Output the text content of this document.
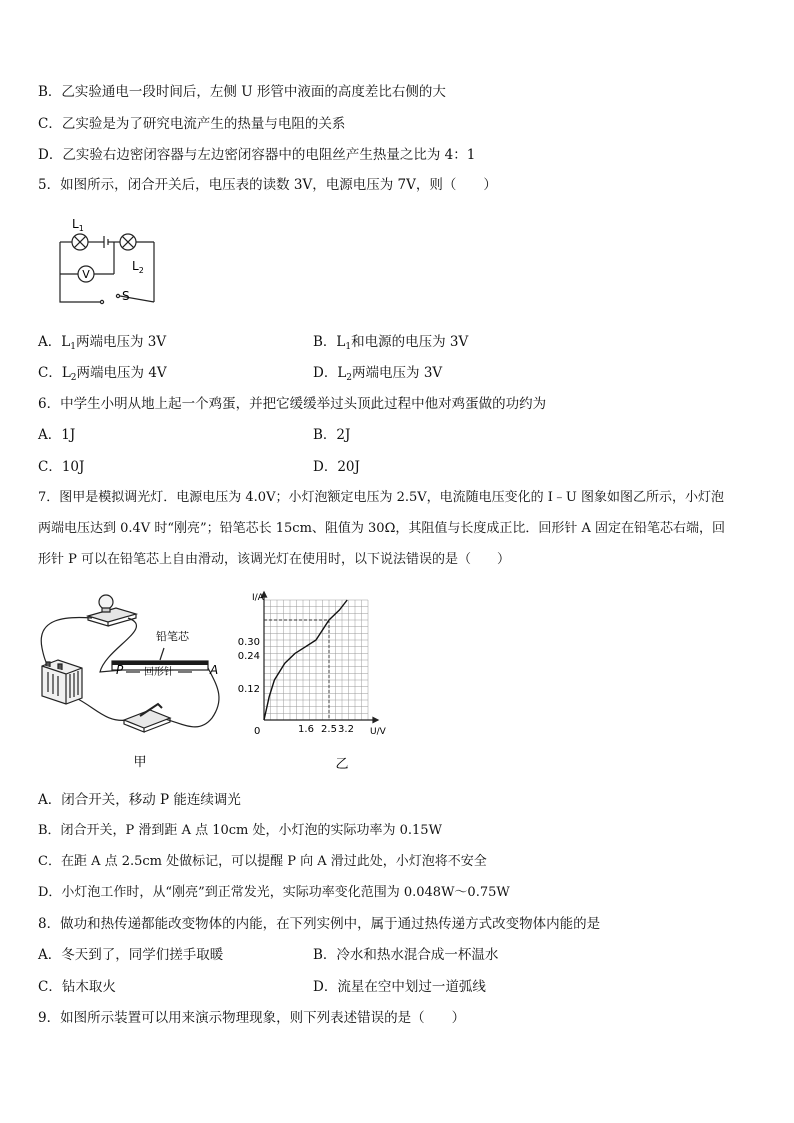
B．乙实验通电一段时间后，左侧 U 形管中液面的高度差比右侧的大
C．乙实验是为了研究电流产生的热量与电阻的关系
D．乙实验右边密闭容器与左边密闭容器中的电阻丝产生热量之比为 4：1
5．如图所示，闭合开关后，电压表的读数 3V，电源电压为 7V，则（　　）
V
$L_1$
$L_2$
S
A．$L_1$两端电压为 3V	B．$L_1$和电源的电压为 3V
C．$L_2$两端电压为 4V	D．$L_2$两端电压为 3V
6．中学生小明从地上起一个鸡蛋，并把它缓缓举过头顶此过程中他对鸡蛋做的功约为
A．1J	B．2J
C．10J	D．20J
7．图甲是模拟调光灯．电源电压为 4.0V；小灯泡额定电压为 2.5V，电流随电压变化的 I﹣U 图象如图乙所示，小灯泡
两端电压达到 0.4V 时“刚亮”；铅笔芯长 15cm、阻值为 30Ω，其阻值与长度成正比．回形针 A 固定在铅笔芯右端，回
形针 P 可以在铅笔芯上自由滑动，该调光灯在使用时，以下说法错误的是（　　）
铅笔芯
P 回形针	A
甲
I/A
U/V
0
0.30
0.24
0.12
1.6 2.5 3.2
乙
A．闭合开关，移动 P 能连续调光
B．闭合开关，P 滑到距 A 点 10cm 处，小灯泡的实际功率为 0.15W
C．在距 A 点 2.5cm 处做标记，可以提醒 P 向 A 滑过此处，小灯泡将不安全
D．小灯泡工作时，从“刚亮”到正常发光，实际功率变化范围为 0.048W～0.75W
8．做功和热传递都能改变物体的内能，在下列实例中，属于通过热传递方式改变物体内能的是
A．冬天到了，同学们搓手取暖	B．冷水和热水混合成一杯温水
C．钻木取火	D．流星在空中划过一道弧线
9．如图所示装置可以用来演示物理现象，则下列表述错误的是（　　）
